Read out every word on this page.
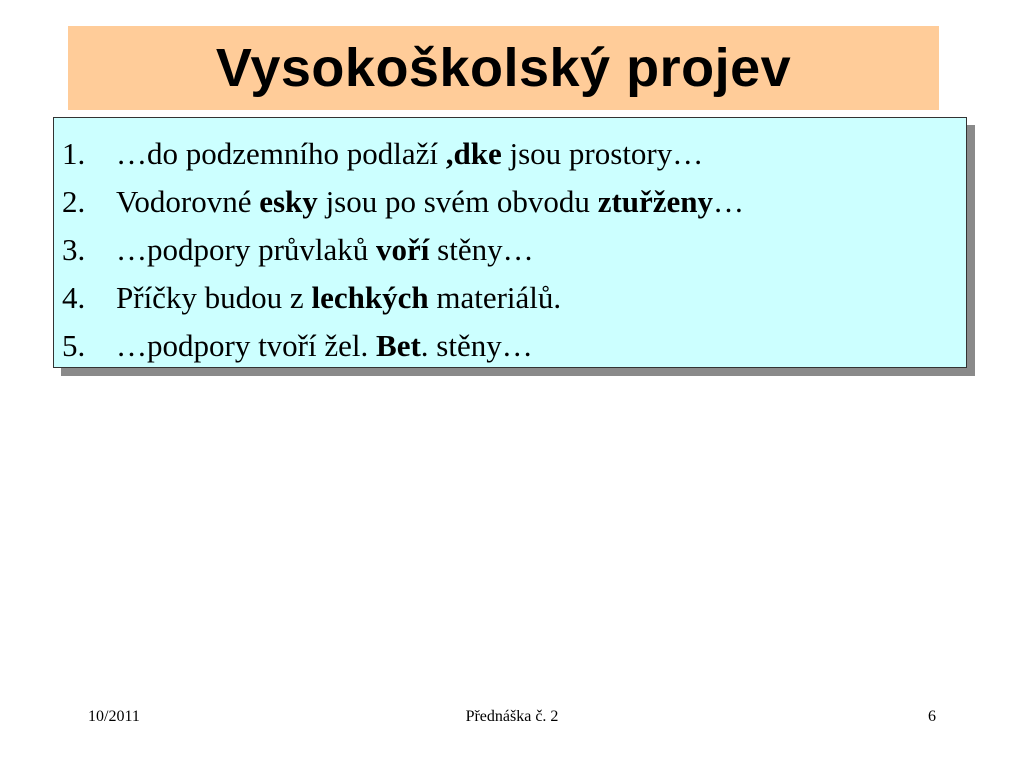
Vysokoškolský projev
1. …do podzemního podlaží ,dke jsou prostory…
2. Vodorovné esky jsou po svém obvodu ztuřženy…
3. …podpory průvlaků voří stěny…
4. Příčky budou z lechkých materiálů.
5. …podpory tvoří žel. Bet. stěny…
10/2011	Přednáška č. 2	6
